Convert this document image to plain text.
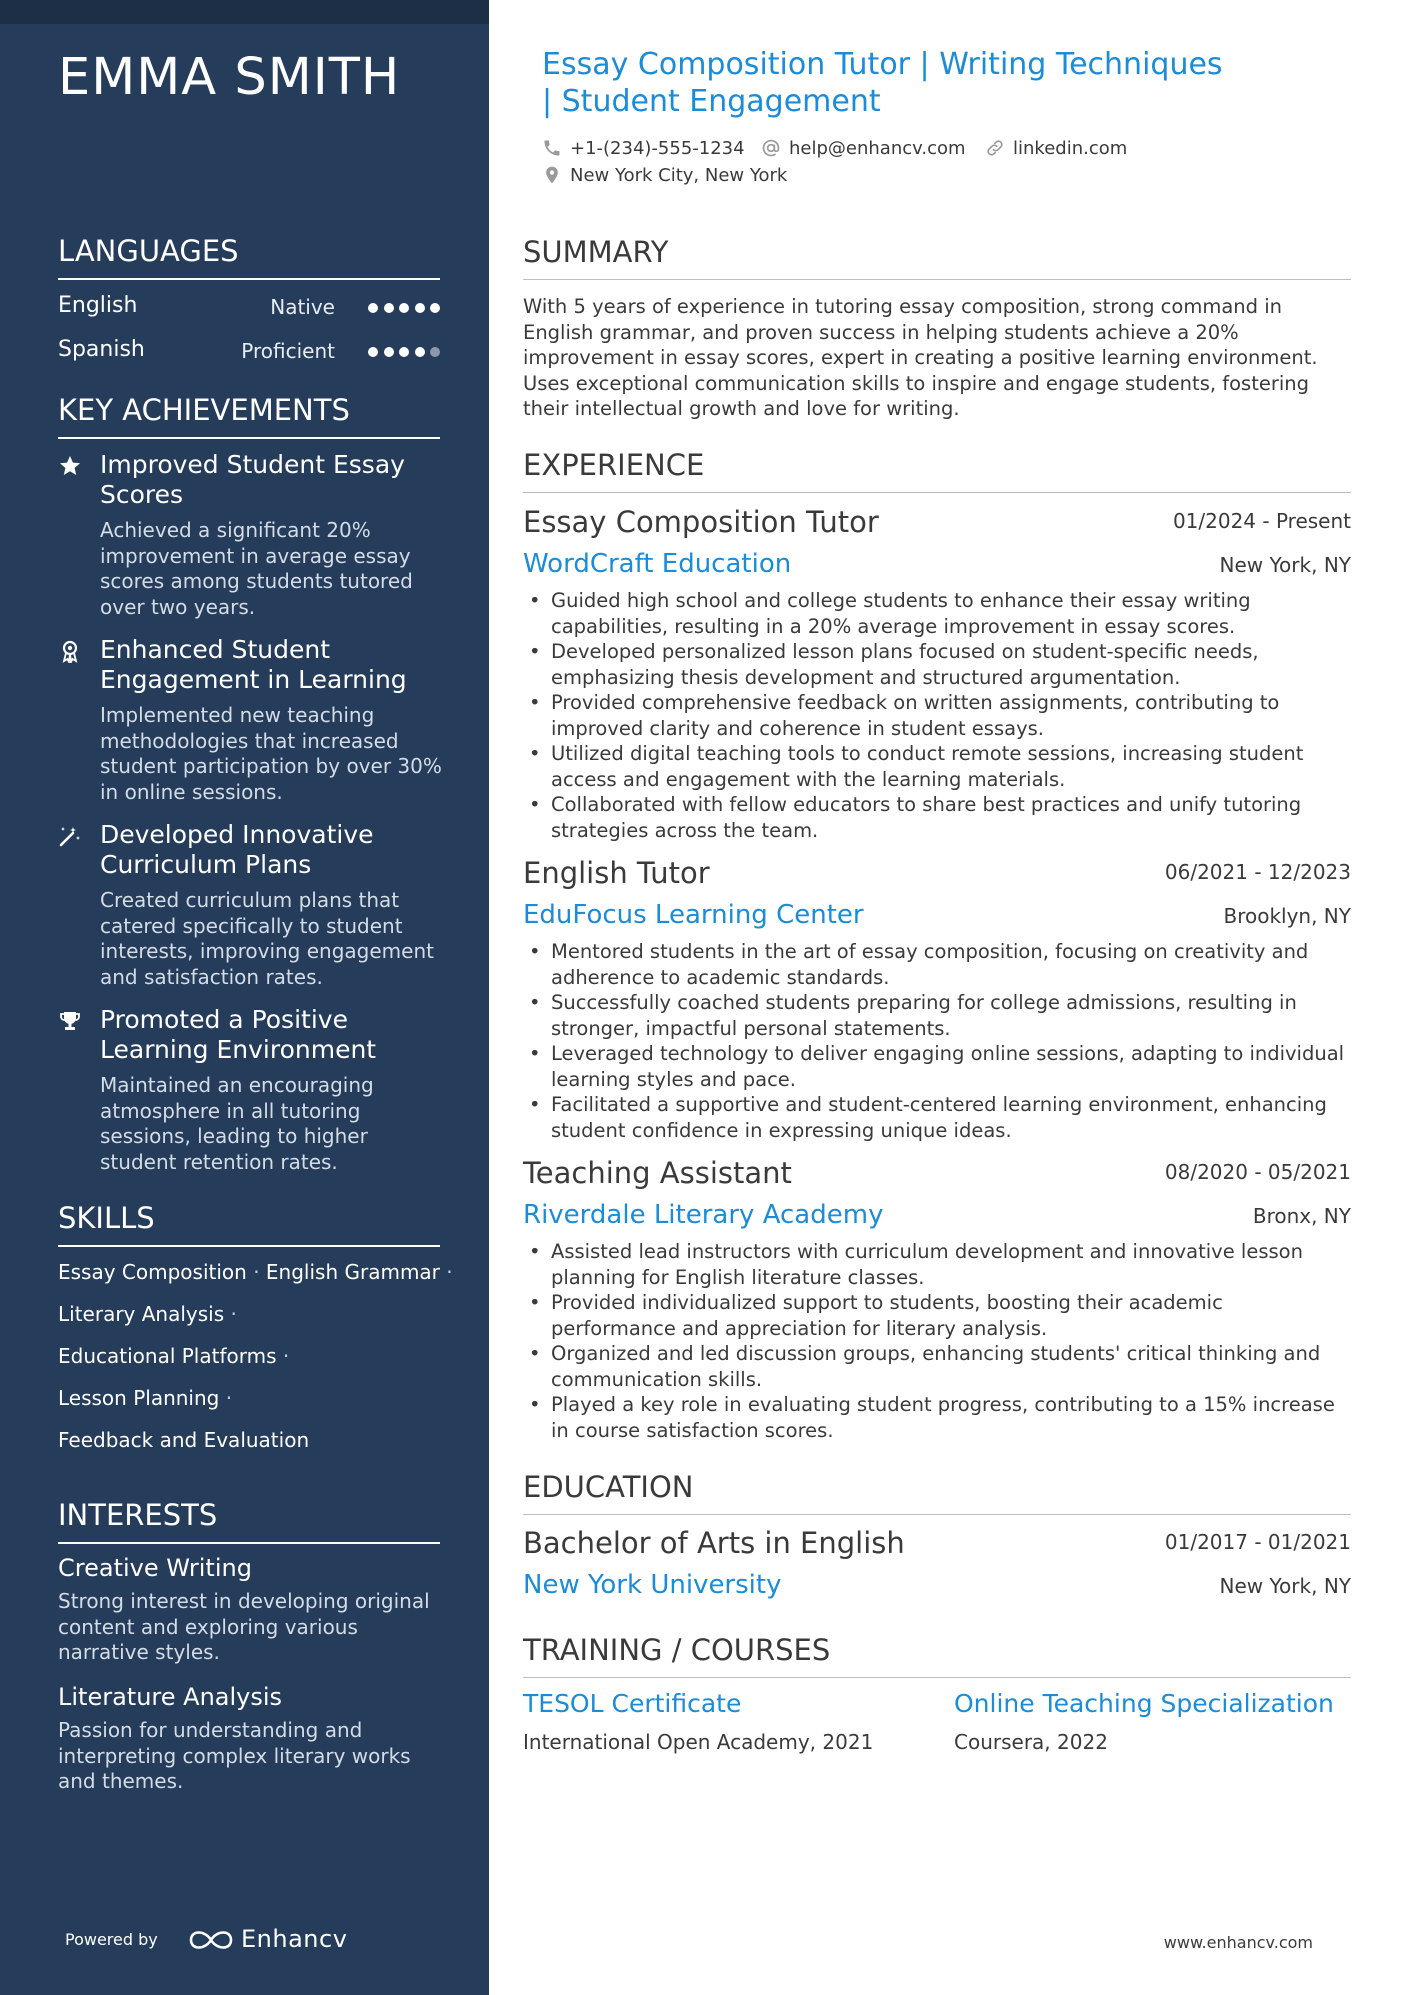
EMMA SMITH
LANGUAGES
English	Native
Spanish	Proficient
KEY ACHIEVEMENTS
Improved Student Essay Scores
Achieved a significant 20% improvement in average essay scores among students tutored over two years.
Enhanced Student Engagement in Learning
Implemented new teaching methodologies that increased student participation by over 30% in online sessions.
Developed Innovative Curriculum Plans
Created curriculum plans that catered specifically to student interests, improving engagement and satisfaction rates.
Promoted a Positive Learning Environment
Maintained an encouraging atmosphere in all tutoring sessions, leading to higher student retention rates.
SKILLS
Essay Composition · English Grammar ·
Literary Analysis ·
Educational Platforms ·
Lesson Planning ·
Feedback and Evaluation
INTERESTS
Creative Writing
Strong interest in developing original content and exploring various narrative styles.
Literature Analysis
Passion for understanding and interpreting complex literary works and themes.
Powered by	Enhancv
Essay Composition Tutor | Writing Techniques | Student Engagement
+1-(234)-555-1234 help@enhancv.com	linkedin.com
New York City, New York
SUMMARY
With 5 years of experience in tutoring essay composition, strong command in English grammar, and proven success in helping students achieve a 20% improvement in essay scores, expert in creating a positive learning environment. Uses exceptional communication skills to inspire and engage students, fostering their intellectual growth and love for writing.
EXPERIENCE
Essay Composition Tutor	01/2024 - Present
WordCraft Education	New York, NY
• Guided high school and college students to enhance their essay writing capabilities, resulting in a 20% average improvement in essay scores.
• Developed personalized lesson plans focused on student-specific needs, emphasizing thesis development and structured argumentation.
• Provided comprehensive feedback on written assignments, contributing to improved clarity and coherence in student essays.
• Utilized digital teaching tools to conduct remote sessions, increasing student access and engagement with the learning materials.
• Collaborated with fellow educators to share best practices and unify tutoring strategies across the team.
English Tutor	06/2021 - 12/2023
EduFocus Learning Center	Brooklyn, NY
• Mentored students in the art of essay composition, focusing on creativity and adherence to academic standards.
• Successfully coached students preparing for college admissions, resulting in stronger, impactful personal statements.
• Leveraged technology to deliver engaging online sessions, adapting to individual learning styles and pace.
• Facilitated a supportive and student-centered learning environment, enhancing student confidence in expressing unique ideas.
Teaching Assistant	08/2020 - 05/2021
Riverdale Literary Academy	Bronx, NY
• Assisted lead instructors with curriculum development and innovative lesson planning for English literature classes.
• Provided individualized support to students, boosting their academic performance and appreciation for literary analysis.
• Organized and led discussion groups, enhancing students' critical thinking and communication skills.
• Played a key role in evaluating student progress, contributing to a 15% increase in course satisfaction scores.
EDUCATION
Bachelor of Arts in English	01/2017 - 01/2021
New York University	New York, NY
TRAINING / COURSES
TESOL Certificate
International Open Academy, 2021
Online Teaching Specialization
Coursera, 2022
www.enhancv.com
